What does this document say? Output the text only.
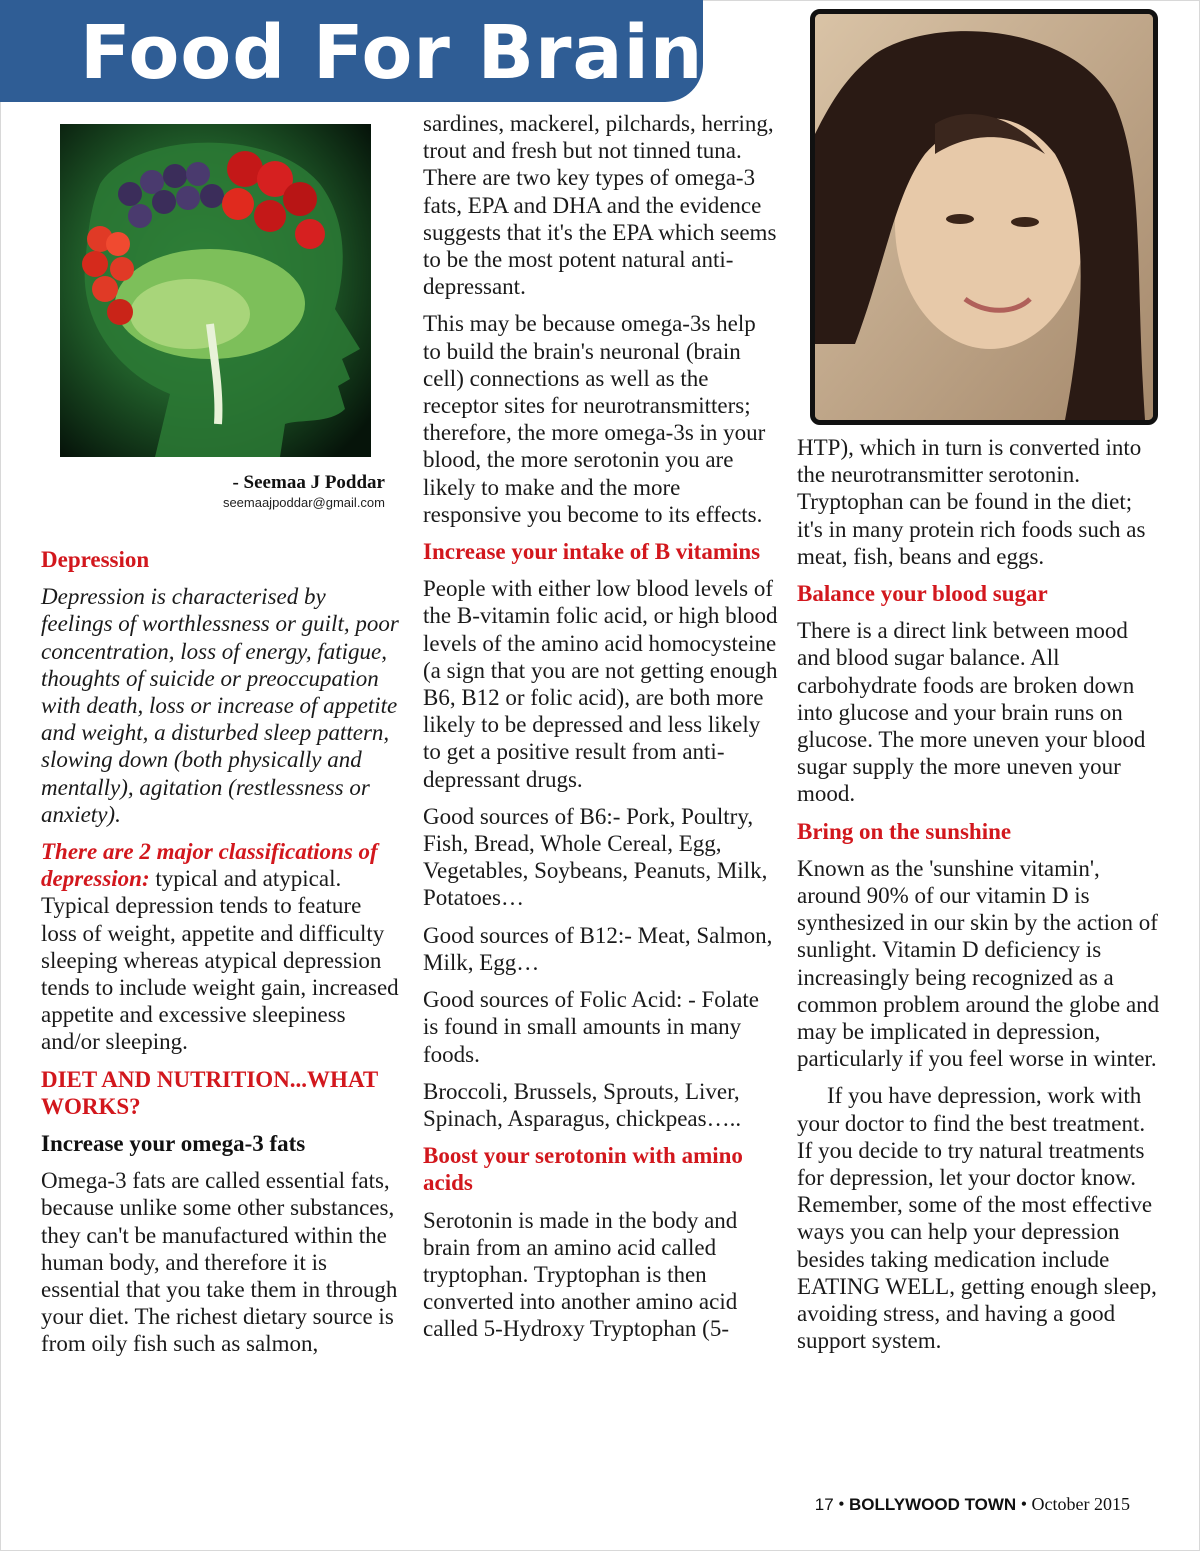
Food For Brain
- Seemaa J Poddar
seemaajpoddar@gmail.com
Depression

Depression is characterised by feelings of worthlessness or guilt, poor concentration, loss of energy, fatigue, thoughts of suicide or preoccupation with death, loss or increase of appetite and weight, a disturbed sleep pattern, slowing down (both physically and mentally), agitation (restlessness or anxiety).

There are 2 major classifications of depression: typical and atypical. Typical depression tends to feature loss of weight, appetite and difficulty sleeping whereas atypical depression tends to include weight gain, increased appetite and excessive sleepiness and/or sleeping.

DIET AND NUTRITION...WHAT WORKS?
Increase your omega-3 fats

Omega-3 fats are called essential fats, because unlike some other substances, they can't be manufactured within the human body, and therefore it is essential that you take them in through your diet. The richest dietary source is from oily fish such as salmon,

sardines, mackerel, pilchards, herring, trout and fresh but not tinned tuna. There are two key types of omega-3 fats, EPA and DHA and the evidence suggests that it's the EPA which seems to be the most potent natural anti-depressant.

This may be because omega-3s help to build the brain's neuronal (brain cell) connections as well as the receptor sites for neurotransmitters; therefore, the more omega-3s in your blood, the more serotonin you are likely to make and the more responsive you become to its effects.

Increase your intake of B vitamins

People with either low blood levels of the B-vitamin folic acid, or high blood levels of the amino acid homocysteine (a sign that you are not getting enough B6, B12 or folic acid), are both more likely to be depressed and less likely to get a positive result from anti-depressant drugs.

Good sources of B6:- Pork, Poultry, Fish, Bread, Whole Cereal, Egg, Vegetables, Soybeans, Peanuts, Milk, Potatoes…

Good sources of B12:- Meat, Salmon, Milk, Egg…

Good sources of Folic Acid: - Folate is found in small amounts in many foods.

Broccoli, Brussels, Sprouts, Liver, Spinach, Asparagus, chickpeas…..

Boost your serotonin with amino acids

Serotonin is made in the body and brain from an amino acid called tryptophan. Tryptophan is then converted into another amino acid called 5-Hydroxy Tryptophan (5-

HTP), which in turn is converted into the neurotransmitter serotonin. Tryptophan can be found in the diet; it's in many protein rich foods such as meat, fish, beans and eggs.

Balance your blood sugar

There is a direct link between mood and blood sugar balance. All carbohydrate foods are broken down into glucose and your brain runs on glucose. The more uneven your blood sugar supply the more uneven your mood.

Bring on the sunshine

Known as the 'sunshine vitamin', around 90% of our vitamin D is synthesized in our skin by the action of sunlight. Vitamin D deficiency is increasingly being recognized as a common problem around the globe and may be implicated in depression, particularly if you feel worse in winter.

If you have depression, work with your doctor to find the best treatment. If you decide to try natural treatments for depression, let your doctor know. Remember, some of the most effective ways you can help your depression besides taking medication include EATING WELL, getting enough sleep, avoiding stress, and having a good support system.

17 • BOLLYWOOD TOWN • October 2015
